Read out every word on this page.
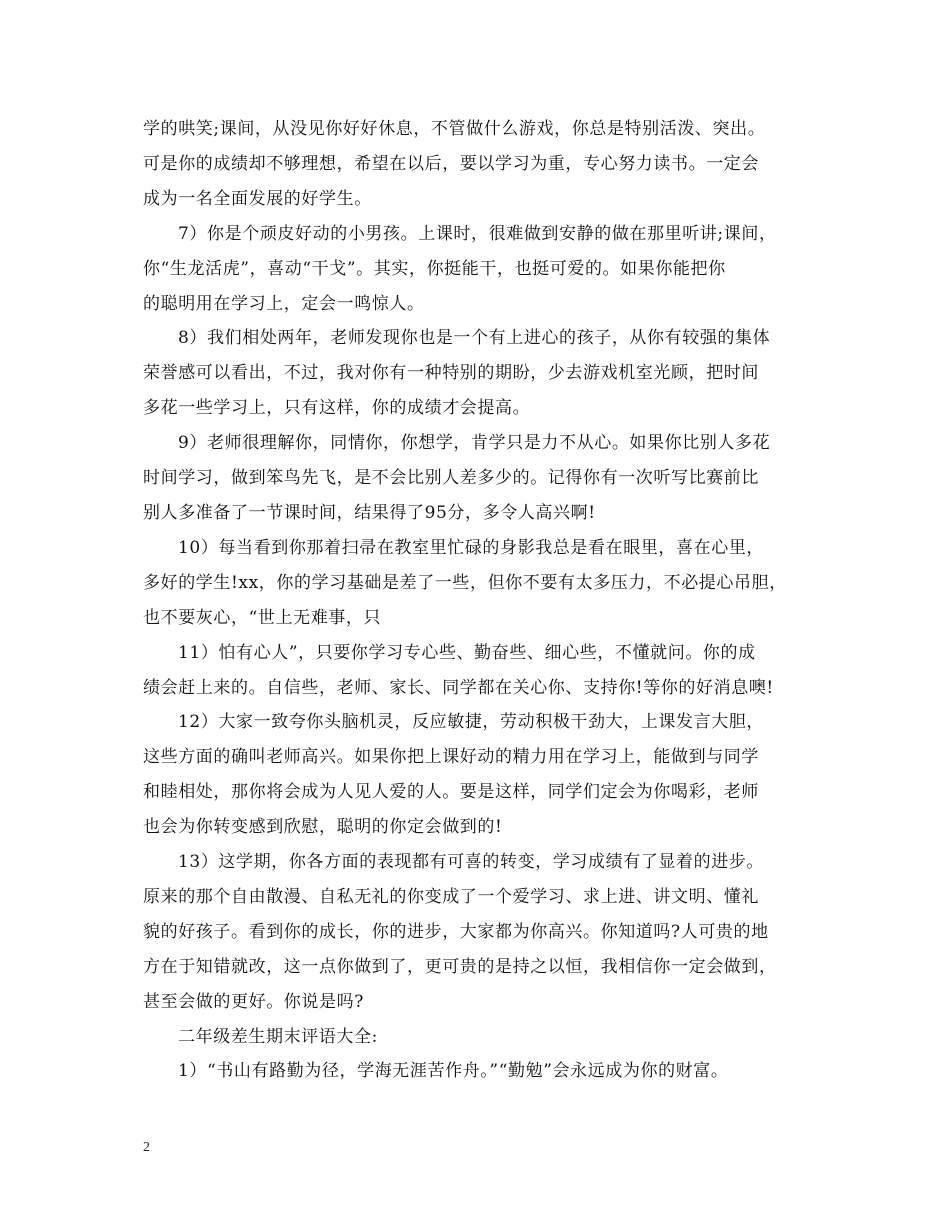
学的哄笑;课间，从没见你好好休息，不管做什么游戏，你总是特别活泼、突出。
可是你的成绩却不够理想，希望在以后，要以学习为重，专心努力读书。一定会
成为一名全面发展的好学生。
7）你是个顽皮好动的小男孩。上课时，很难做到安静的做在那里听讲;课间，
你“生龙活虎”，喜动“干戈”。其实，你挺能干，也挺可爱的。如果你能把你
的聪明用在学习上，定会一鸣惊人。
8）我们相处两年，老师发现你也是一个有上进心的孩子，从你有较强的集体
荣誉感可以看出，不过，我对你有一种特别的期盼，少去游戏机室光顾，把时间
多花一些学习上，只有这样，你的成绩才会提高。
9）老师很理解你，同情你，你想学，肯学只是力不从心。如果你比别人多花
时间学习，做到笨鸟先飞，是不会比别人差多少的。记得你有一次听写比赛前比
别人多准备了一节课时间，结果得了95分，多令人高兴啊!
10）每当看到你那着扫帚在教室里忙碌的身影我总是看在眼里，喜在心里，
多好的学生!xx，你的学习基础是差了一些，但你不要有太多压力，不必提心吊胆，
也不要灰心，“世上无难事，只
11）怕有心人”，只要你学习专心些、勤奋些、细心些，不懂就问。你的成
绩会赶上来的。自信些，老师、家长、同学都在关心你、支持你!等你的好消息噢!
12）大家一致夸你头脑机灵，反应敏捷，劳动积极干劲大，上课发言大胆，
这些方面的确叫老师高兴。如果你把上课好动的精力用在学习上，能做到与同学
和睦相处，那你将会成为人见人爱的人。要是这样，同学们定会为你喝彩，老师
也会为你转变感到欣慰，聪明的你定会做到的!
13）这学期，你各方面的表现都有可喜的转变，学习成绩有了显着的进步。
原来的那个自由散漫、自私无礼的你变成了一个爱学习、求上进、讲文明、懂礼
貌的好孩子。看到你的成长，你的进步，大家都为你高兴。你知道吗?人可贵的地
方在于知错就改，这一点你做到了，更可贵的是持之以恒，我相信你一定会做到，
甚至会做的更好。你说是吗?
二年级差生期末评语大全:
1）“书山有路勤为径，学海无涯苦作舟。”“勤勉”会永远成为你的财富。
2
